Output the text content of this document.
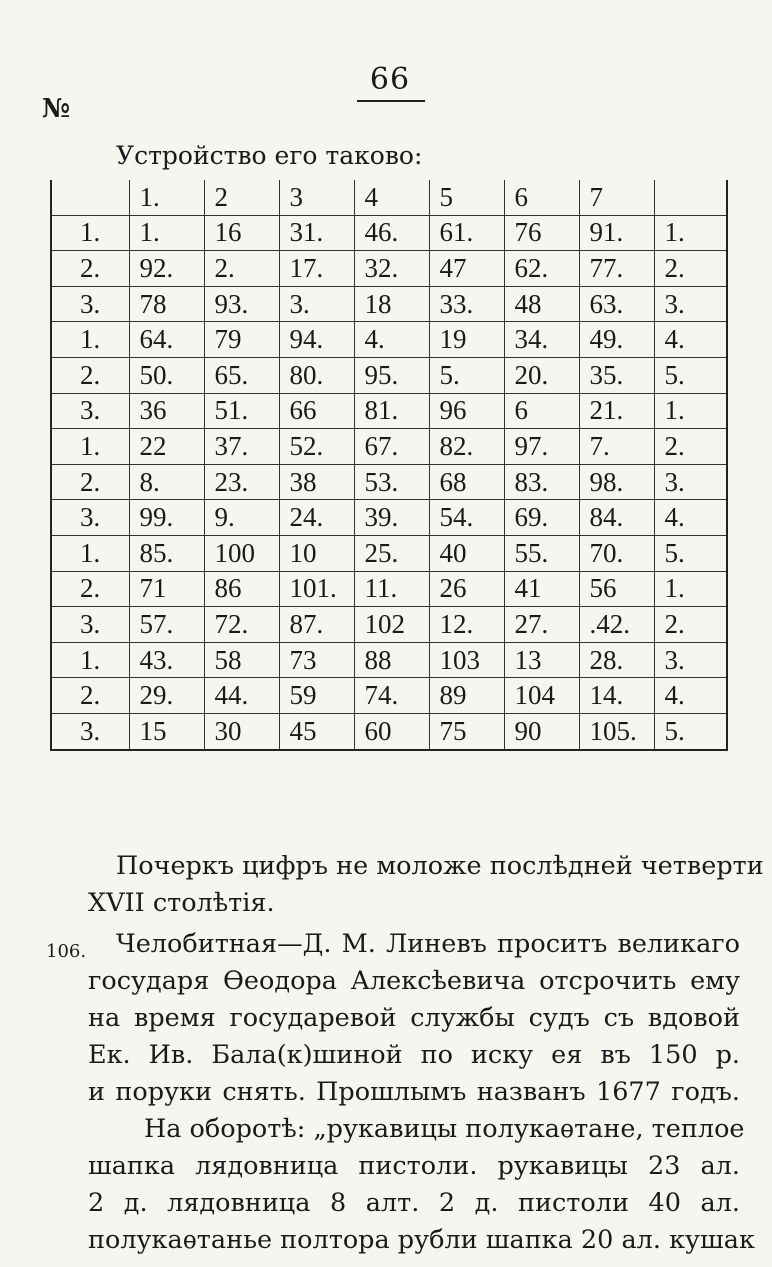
66
№
Устройство его таково:
	1.	2	3	4	5	6	7	
1.	1.	16	31.	46.	61.	76	91.	1.
2.	92.	2.	17.	32.	47	62.	77.	2.
3.	78	93.	3.	18	33.	48	63.	3.
1.	64.	79	94.	4.	19	34.	49.	4.
2.	50.	65.	80.	95.	5.	20.	35.	5.
3.	36	51.	66	81.	96	6	21.	1.
1.	22	37.	52.	67.	82.	97.	7.	2.
2.	8.	23.	38	53.	68	83.	98.	3.
3.	99.	9.	24.	39.	54.	69.	84.	4.
1.	85.	100	10	25.	40	55.	70.	5.
2.	71	86	101.	11.	26	41	56	1.
3.	57.	72.	87.	102	12.	27.	.42.	2.
1.	43.	58	73	88	103	13	28.	3.
2.	29.	44.	59	74.	89	104	14.	4.
3.	15	30	45	60	75	90	105.	5.
Почеркъ цифръ не моложе послѣдней четверти
XVII столѣтія.
106. Челобитная—Д. М. Линевъ проситъ великаго
государя Ѳеодора Алексѣевича отсрочить ему
на время государевой службы судъ съ вдовой
Ек. Ив. Бала(к)шиной по иску ея въ 150 р.
и поруки снять. Прошлымъ названъ 1677 годъ.
На оборотѣ: „рукавицы полукаѳтане, теплое
шапка лядовница пистоли. рукавицы 23 ал.
2 д. лядовница 8 алт. 2 д. пистоли 40 ал.
полукаѳтанье полтора рубли шапка 20 ал. кушак
